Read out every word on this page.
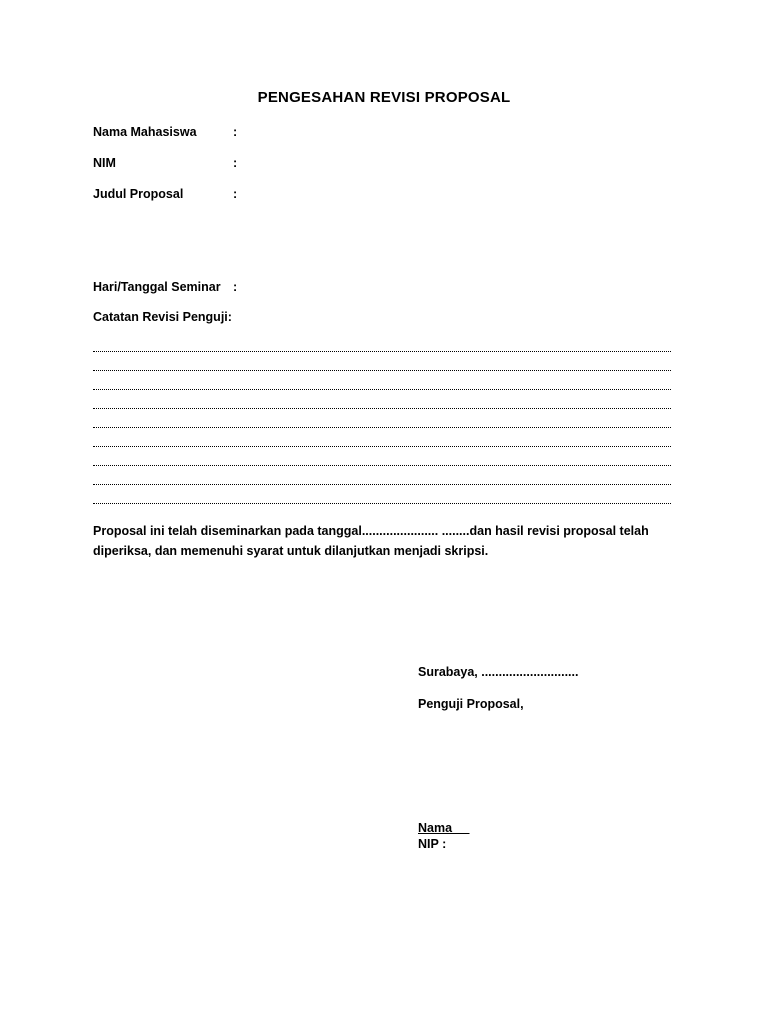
PENGESAHAN REVISI PROPOSAL
Nama Mahasiswa	:
NIM	:
Judul Proposal	:
Hari/Tanggal Seminar :
Catatan Revisi Penguji:
Proposal ini telah diseminarkan pada tanggal...................... ........dan hasil revisi proposal telah diperiksa, dan memenuhi syarat untuk dilanjutkan menjadi skripsi.
Surabaya, ............................
Penguji Proposal,
Nama __
NIP :
